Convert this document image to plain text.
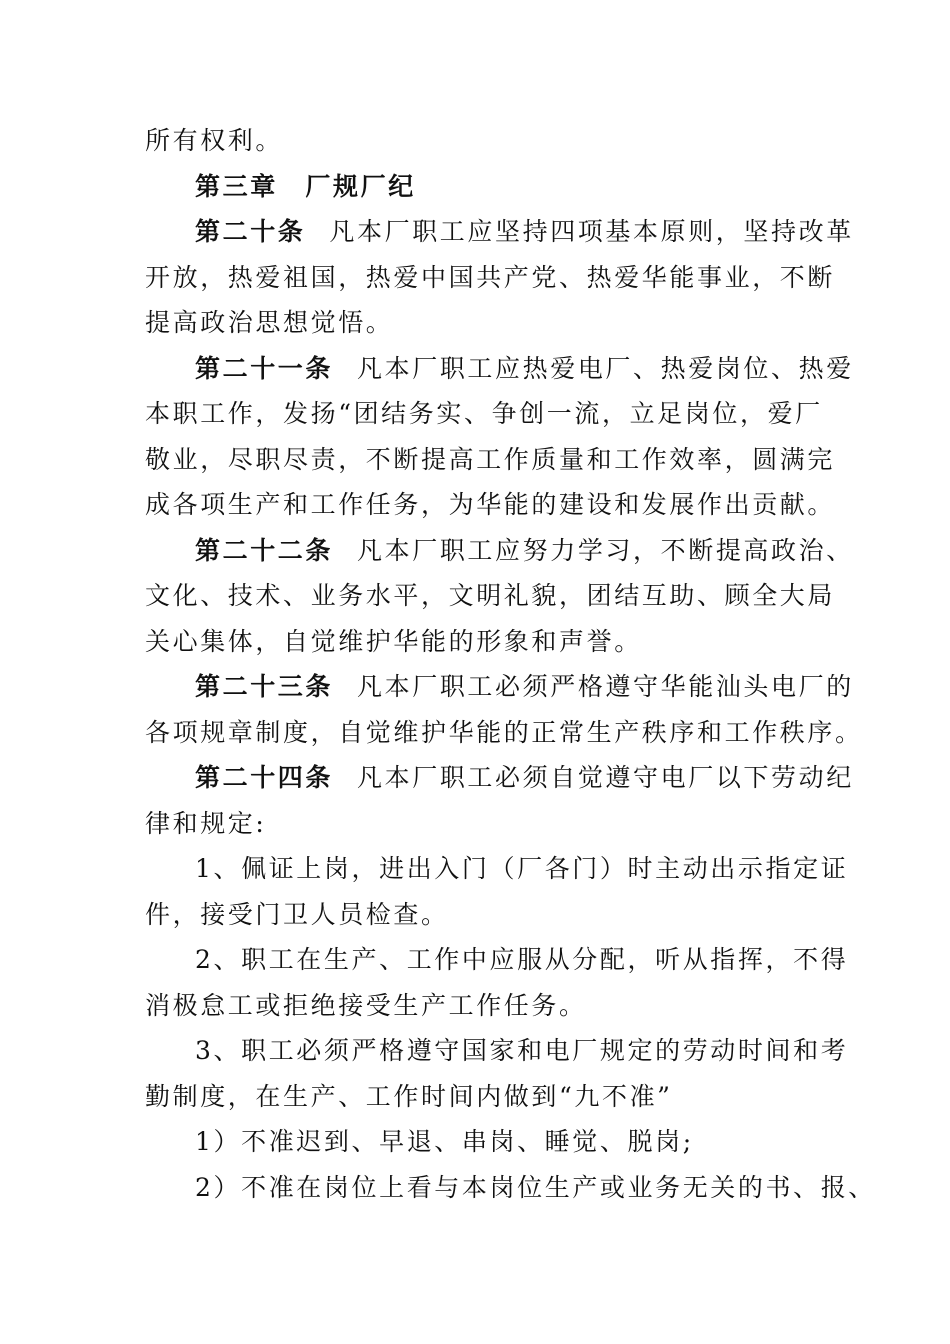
所有权利。
第三章　厂规厂纪
第二十条 凡本厂职工应坚持四项基本原则，坚持改革
开放，热爱祖国，热爱中国共产党、热爱华能事业，不断
提高政治思想觉悟。
第二十一条 凡本厂职工应热爱电厂、热爱岗位、热爱
本职工作，发扬“团结务实、争创一流，立足岗位，爱厂
敬业，尽职尽责，不断提高工作质量和工作效率，圆满完
成各项生产和工作任务，为华能的建设和发展作出贡献。
第二十二条 凡本厂职工应努力学习，不断提高政治、
文化、技术、业务水平，文明礼貌，团结互助、顾全大局
关心集体，自觉维护华能的形象和声誉。
第二十三条 凡本厂职工必须严格遵守华能汕头电厂的
各项规章制度，自觉维护华能的正常生产秩序和工作秩序。
第二十四条 凡本厂职工必须自觉遵守电厂以下劳动纪
律和规定:
1、佩证上岗，进出入门（厂各门）时主动出示指定证
件，接受门卫人员检查。
2、职工在生产、工作中应服从分配，听从指挥，不得
消极怠工或拒绝接受生产工作任务。
3、职工必须严格遵守国家和电厂规定的劳动时间和考
勤制度，在生产、工作时间内做到“九不准”
1）不准迟到、早退、串岗、睡觉、脱岗;
2）不准在岗位上看与本岗位生产或业务无关的书、报、
